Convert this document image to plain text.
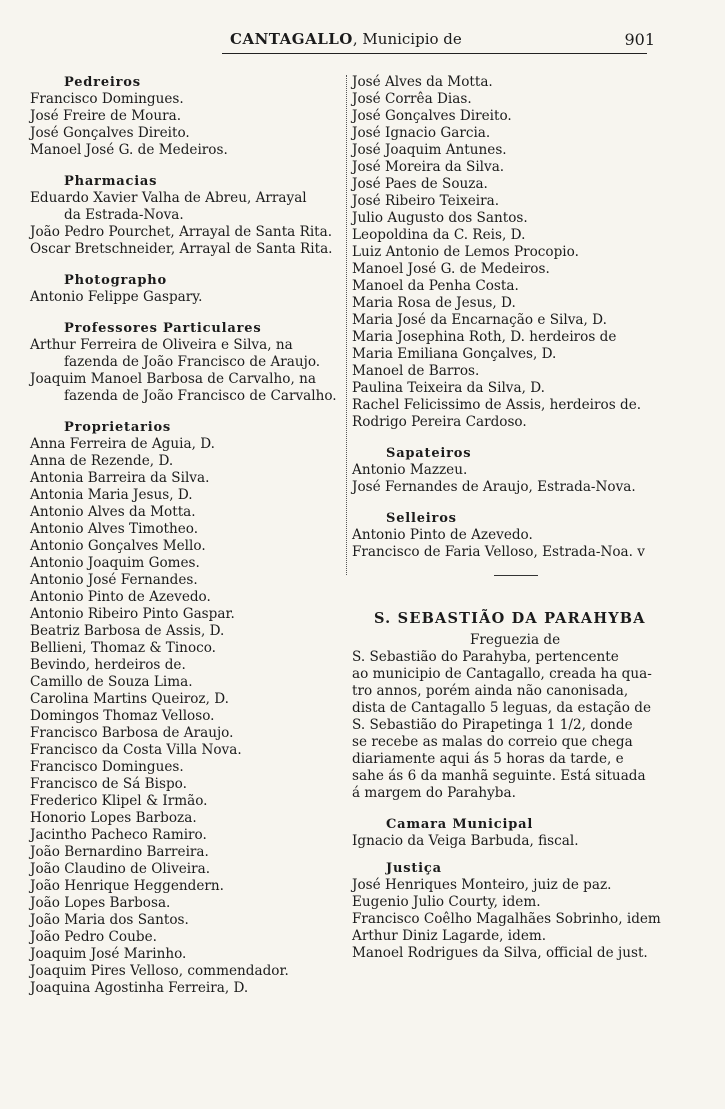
CANTAGALLO, Municipio de	901
Pedreiros
Francisco Domingues.
José Freire de Moura.
José Gonçalves Direito.
Manoel José G. de Medeiros.
Pharmacias
Eduardo Xavier Valha de Abreu, Arrayal
da Estrada-Nova.
João Pedro Pourchet, Arrayal de Santa Rita.
Oscar Bretschneider, Arrayal de Santa Rita.
Photographo
Antonio Felippe Gaspary.
Professores Particulares
Arthur Ferreira de Oliveira e Silva, na
fazenda de João Francisco de Araujo.
Joaquim Manoel Barbosa de Carvalho, na
fazenda de João Francisco de Carvalho.
Proprietarios
Anna Ferreira de Aguia, D.
Anna de Rezende, D.
Antonia Barreira da Silva.
Antonia Maria Jesus, D.
Antonio Alves da Motta.
Antonio Alves Timotheo.
Antonio Gonçalves Mello.
Antonio Joaquim Gomes.
Antonio José Fernandes.
Antonio Pinto de Azevedo.
Antonio Ribeiro Pinto Gaspar.
Beatriz Barbosa de Assis, D.
Bellieni, Thomaz & Tinoco.
Bevindo, herdeiros de.
Camillo de Souza Lima.
Carolina Martins Queiroz, D.
Domingos Thomaz Velloso.
Francisco Barbosa de Araujo.
Francisco da Costa Villa Nova.
Francisco Domingues.
Francisco de Sá Bispo.
Frederico Klipel & Irmão.
Honorio Lopes Barboza.
Jacintho Pacheco Ramiro.
João Bernardino Barreira.
João Claudino de Oliveira.
João Henrique Heggendern.
João Lopes Barbosa.
João Maria dos Santos.
João Pedro Coube.
Joaquim José Marinho.
Joaquim Pires Velloso, commendador.
Joaquina Agostinha Ferreira, D.
José Alves da Motta.
José Corrêa Dias.
José Gonçalves Direito.
José Ignacio Garcia.
José Joaquim Antunes.
José Moreira da Silva.
José Paes de Souza.
José Ribeiro Teixeira.
Julio Augusto dos Santos.
Leopoldina da C. Reis, D.
Luiz Antonio de Lemos Procopio.
Manoel José G. de Medeiros.
Manoel da Penha Costa.
Maria Rosa de Jesus, D.
Maria José da Encarnação e Silva, D.
Maria Josephina Roth, D. herdeiros de
Maria Emiliana Gonçalves, D.
Manoel de Barros.
Paulina Teixeira da Silva, D.
Rachel Felicissimo de Assis, herdeiros de.
Rodrigo Pereira Cardoso.
Sapateiros
Antonio Mazzeu.
José Fernandes de Araujo, Estrada-Nova.
Selleiros
Antonio Pinto de Azevedo.
Francisco de Faria Velloso, Estrada-Noa. v
S. SEBASTIÃO DA PARAHYBA
Freguezia de
S. Sebastião do Parahyba, pertencente
ao municipio de Cantagallo, creada ha qua-
tro annos, porém ainda não canonisada,
dista de Cantagallo 5 leguas, da estação de
S. Sebastião do Pirapetinga 1 1/2, donde
se recebe as malas do correio que chega
diariamente aqui ás 5 horas da tarde, e
sahe ás 6 da manhã seguinte. Está situada
á margem do Parahyba.
Camara Municipal
Ignacio da Veiga Barbuda, fiscal.
Justiça
José Henriques Monteiro, juiz de paz.
Eugenio Julio Courty, idem.
Francisco Coêlho Magalhães Sobrinho, idem
Arthur Diniz Lagarde, idem.
Manoel Rodrigues da Silva, official de just.
